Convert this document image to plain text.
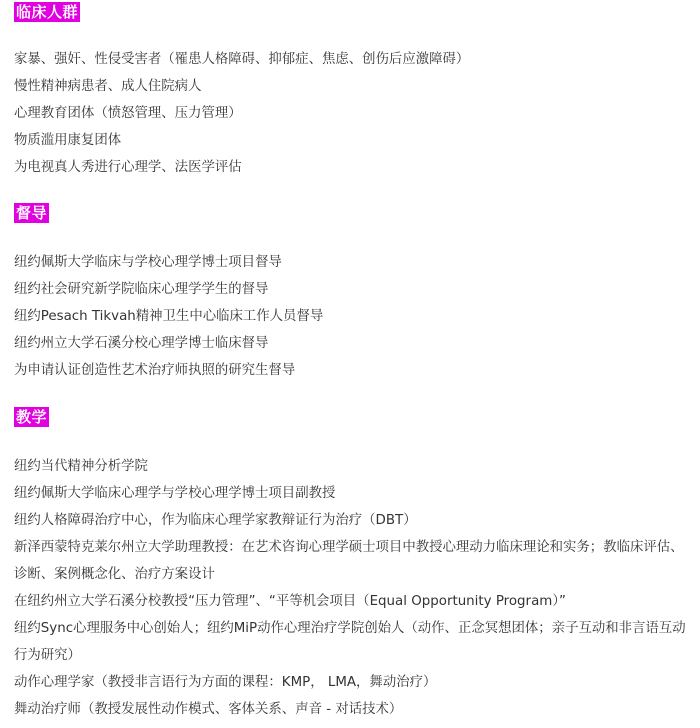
临床人群
家暴、强奸、性侵受害者（罹患人格障碍、抑郁症、焦虑、创伤后应激障碍）
慢性精神病患者、成人住院病人
心理教育团体（愤怒管理、压力管理）
物质滥用康复团体
为电视真人秀进行心理学、法医学评估
督导
纽约佩斯大学临床与学校心理学博士项目督导
纽约社会研究新学院临床心理学学生的督导
纽约Pesach Tikvah精神卫生中心临床工作人员督导
纽约州立大学石溪分校心理学博士临床督导
为申请认证创造性艺术治疗师执照的研究生督导
教学
纽约当代精神分析学院
纽约佩斯大学临床心理学与学校心理学博士项目副教授
纽约人格障碍治疗中心，作为临床心理学家教辩证行为治疗（DBT）
新泽西蒙特克莱尔州立大学助理教授：在艺术咨询心理学硕士项目中教授心理动力临床理论和实务；教临床评估、诊断、案例概念化、治疗方案设计
在纽约州立大学石溪分校教授“压力管理”、“平等机会项目（Equal Opportunity Program）”
纽约Sync心理服务中心创始人；纽约MiP动作心理治疗学院创始人（动作、正念冥想团体；亲子互动和非言语互动行为研究）
动作心理学家（教授非言语行为方面的课程：KMP， LMA，舞动治疗）
舞动治疗师（教授发展性动作模式、客体关系、声音 - 对话技术）
